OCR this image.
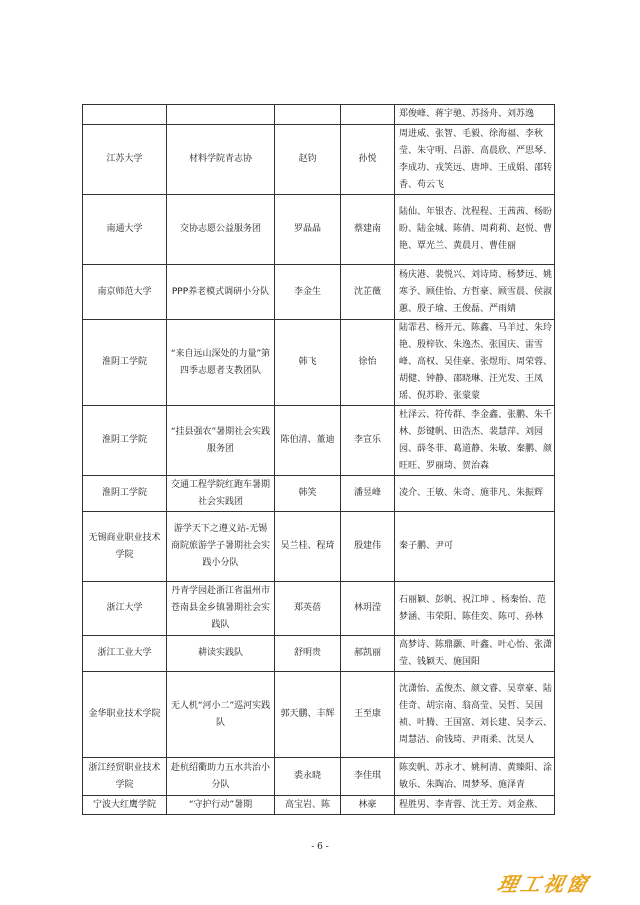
				郑俊峰、蒋宇驰、苏扬舟、刘苏逸
江苏大学	材料学院青志协	赵钧	孙悦	周进威、张智、毛毅、徐海福、李秋莹、朱守明、吕游、高晨欣、严思琴、李成功、戎笑远、唐坤、王成娟、邵转香、苟云飞
南通大学	交协志愿公益服务团	罗晶晶	蔡建南	陆仙、年银杏、沈程程、王茜茜、杨盼盼、陆金城、陈倩、周莉莉、赵悦、曹艳、覃光兰、黄晨月、曹佳丽
南京师范大学	PPP养老模式调研小分队	李金生	沈芷薇	杨庆港、裴悦兴、刘诗琦、杨梦远、姚寒予、顾佳怡、方哲豪、顾雪晨、侯淑蕙、殷子瑜、王俊磊、严雨婧
淮阴工学院	“来自远山深处的力量”第四季志愿者支教团队	韩飞	徐怡	陆霏君、杨开元、陈鑫、马羊过、朱玲艳、殷梓钦、朱逸杰、张国庆、雷雪峰、高权、吴佳豪、张煜珩、周荣蓉、胡健、钟静、邵晓琳、汪光发、王凤瑶、倪苏聆、张蒙蒙
淮阴工学院	“挂县强农”暑期社会实践服务团	陈伯清、董迪	李宣乐	杜泽云、符传群、李金鑫、张鹏、朱千林、彭键帆、田浩杰、裴慧萍、刘园园、薛冬菲、葛道静、朱敏、秦鹏、颜旺旺、罗丽琦、贺治森
淮阴工学院	交通工程学院红跑车暑期社会实践团	韩笑	潘昱峰	凌介、王敏、朱奇、施菲凡、朱振辉
无锡商业职业技术学院	游学天下之遵义站-无锡商院旅游学子暑期社会实践小分队	吴兰桂、程琦	殷建伟	秦子鹏、尹可
浙江大学	丹青学园赴浙江省温州市苍南县金乡镇暑期社会实践队	郑英蓓	林玥滢	石丽颖、彭帆、祝江坤 、杨秦怡、范梦涵、韦荣阳、陈佳奕、陈可、孙林
浙江工业大学	耕读实践队	舒明贵	郝凯丽	高梦诗、陈鼎灏、叶鑫、叶心怡、张潇莹、钱颖天、施国阳
金华职业技术学院	无人机“河小二”巡河实践队	郭天鹏、丰辉	王至康	沈潇怡、孟俊杰、颜文睿、吴章豪、陆佳奇、胡宗南、翁高莹、吴哲、吴国祯、叶腾、王国富、刘长建、吴李云、周慧洁、俞钱琦、尹雨柔、沈昊人
浙江经贸职业技术学院	赴杭绍衢助力五水共治小分队	裘永晓	李佳琪	陈奕帆、苏永才、姚柯清、黄臻阳、涂敏乐、朱陶冶、周梦琴、施泽青
宁波大红鹰学院	“守护行动”暑期	高宝岩、陈	林豪	程胜男、李青蓉、沈王芳、刘金燕、
- 6 -
理工视窗
